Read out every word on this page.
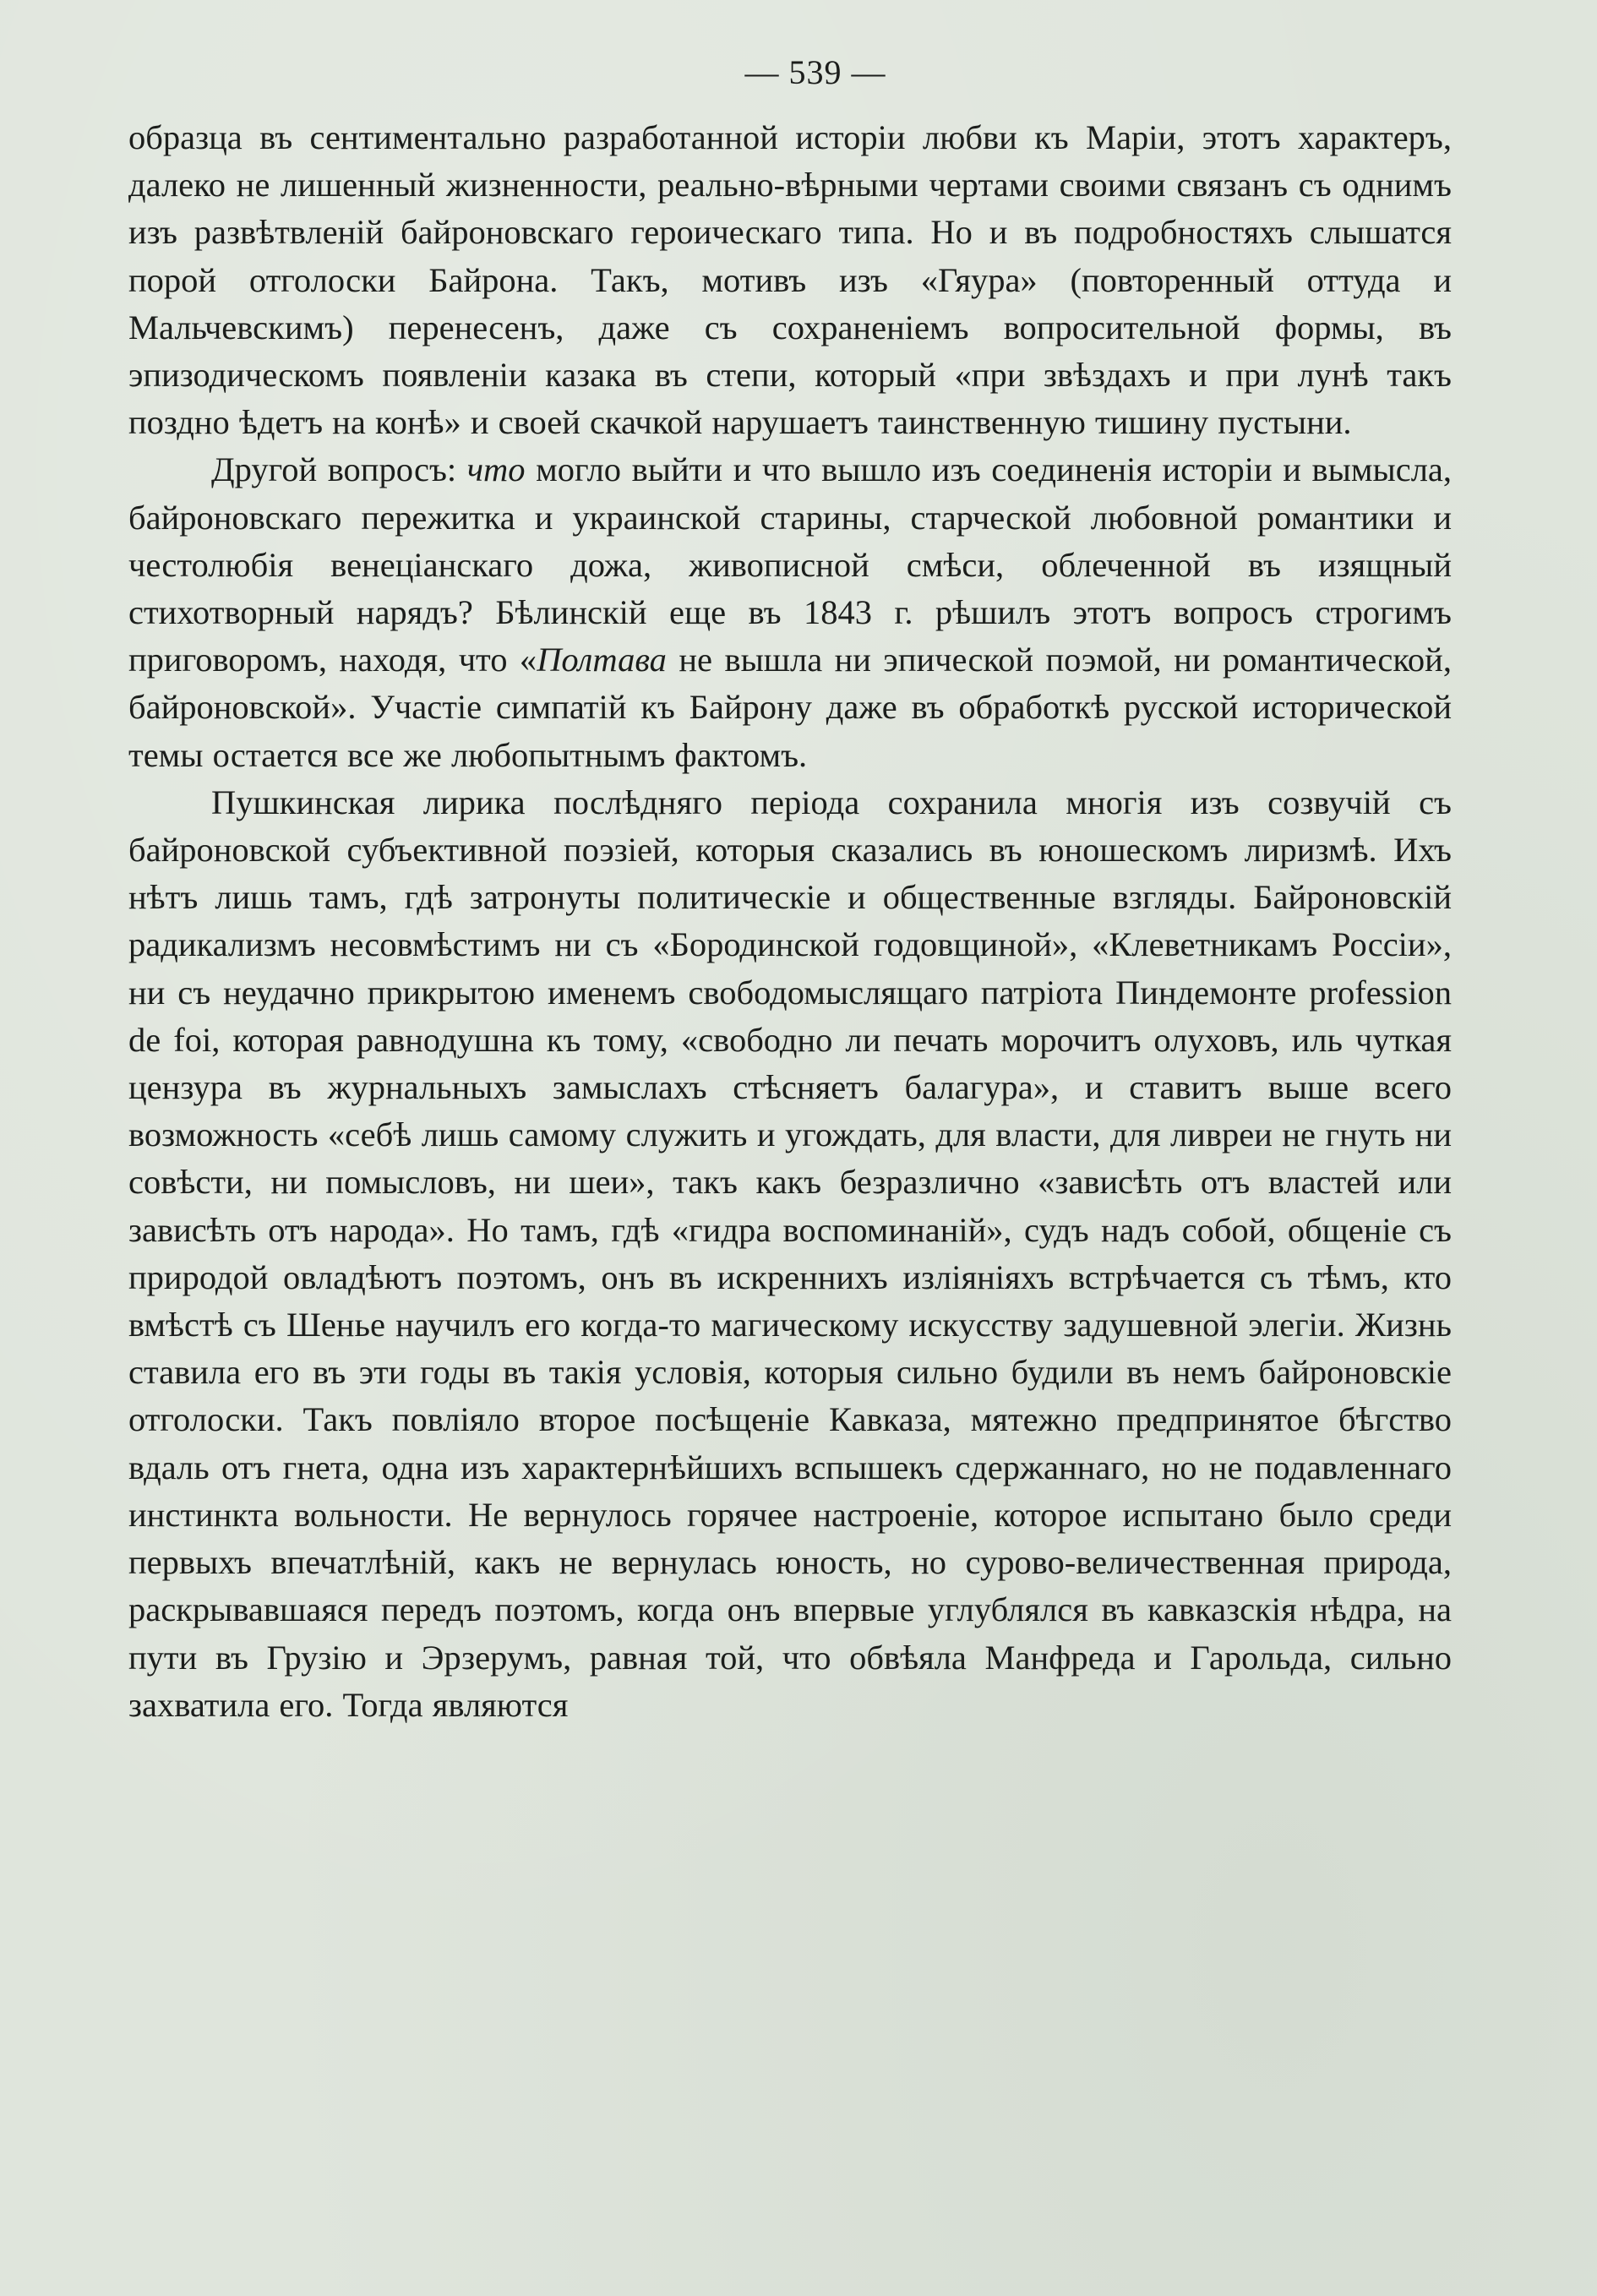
— 539 —

образца въ сентиментально разработанной исторіи любви къ Маріи, этотъ характеръ, далеко не лишенный жизненности, реально-вѣрными чертами своими связанъ съ однимъ изъ развѣтвленій байроновскаго героическаго типа. Но и въ подробностяхъ слышатся порой отголоски Байрона. Такъ, мотивъ изъ «Гяура» (повторенный оттуда и Мальчевскимъ) перенесенъ, даже съ сохраненіемъ вопросительной формы, въ эпизодическомъ появленіи казака въ степи, который «при звѣздахъ и при лунѣ такъ поздно ѣдетъ на конѣ» и своей скачкой нарушаетъ таинственную тишину пустыни.

Другой вопросъ: что могло выйти и что вышло изъ соединенія исторіи и вымысла, байроновскаго пережитка и украинской старины, старческой любовной романтики и честолюбія венеціанскаго дожа, живописной смѣси, облеченной въ изящный стихотворный нарядъ? Бѣлинскій еще въ 1843 г. рѣшилъ этотъ вопросъ строгимъ приговоромъ, находя, что «Полтава не вышла ни эпической поэмой, ни романтической, байроновской». Участіе симпатій къ Байрону даже въ обработкѣ русской исторической темы остается все же любопытнымъ фактомъ.

Пушкинская лирика послѣдняго періода сохранила многія изъ созвучій съ байроновской субъективной поэзіей, которыя сказались въ юношескомъ лиризмѣ. Ихъ нѣтъ лишь тамъ, гдѣ затронуты политическіе и общественные взгляды. Байроновскій радикализмъ несовмѣстимъ ни съ «Бородинской годовщиной», «Клеветникамъ Россіи», ни съ неудачно прикрытою именемъ свободомыслящаго патріота Пиндемонте profession de foi, которая равнодушна къ тому, «свободно ли печать морочитъ олуховъ, иль чуткая цензура въ журнальныхъ замыслахъ стѣсняетъ балагура», и ставитъ выше всего возможность «себѣ лишь самому служить и угождать, для власти, для ливреи не гнуть ни совѣсти, ни помысловъ, ни шеи», такъ какъ безразлично «зависѣть отъ властей или зависѣть отъ народа». Но тамъ, гдѣ «гидра воспоминаній», судъ надъ собой, общеніе съ природой овладѣютъ поэтомъ, онъ въ искреннихъ изліяніяхъ встрѣчается съ тѣмъ, кто вмѣстѣ съ Шенье научилъ его когда-то магическому искусству задушевной элегіи. Жизнь ставила его въ эти годы въ такія условія, которыя сильно будили въ немъ байроновскіе отголоски. Такъ повліяло второе посѣщеніе Кавказа, мятежно предпринятое бѣгство вдаль отъ гнета, одна изъ характернѣйшихъ вспышекъ сдержаннаго, но не подавленнаго инстинкта вольности. Не вернулось горячее настроеніе, которое испытано было среди первыхъ впечатлѣній, какъ не вернулась юность, но сурово-величественная природа, раскрывавшаяся передъ поэтомъ, когда онъ впервые углублялся въ кавказскія нѣдра, на пути въ Грузію и Эрзерумъ, равная той, что обвѣяла Манфреда и Гарольда, сильно захватила его. Тогда являются
